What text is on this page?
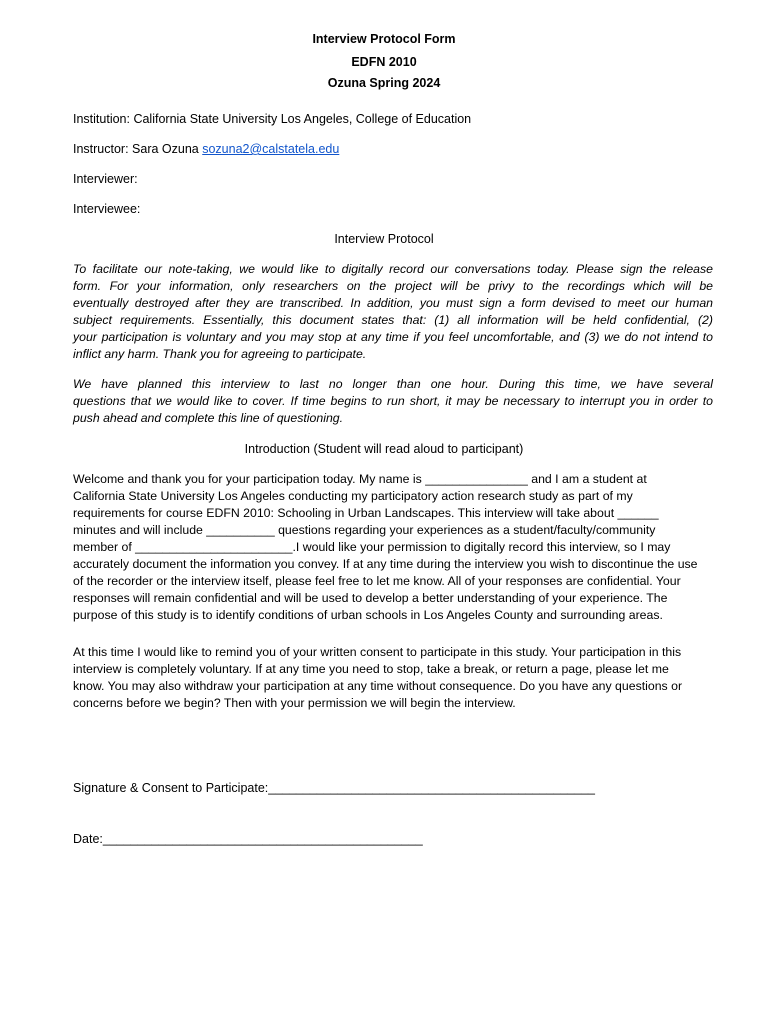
Interview Protocol Form
EDFN 2010
Ozuna Spring 2024
Institution: California State University Los Angeles, College of Education
Instructor: Sara Ozuna sozuna2@calstatela.edu
Interviewer:
Interviewee:
Interview Protocol
To facilitate our note-taking, we would like to digitally record our conversations today. Please sign the release
form. For your information, only researchers on the project will be privy to the recordings which will be
eventually destroyed after they are transcribed. In addition, you must sign a form devised to meet our human
subject requirements. Essentially, this document states that: (1) all information will be held confidential, (2)
your participation is voluntary and you may stop at any time if you feel uncomfortable, and (3) we do not intend to
inflict any harm. Thank you for agreeing to participate.
We have planned this interview to last no longer than one hour. During this time, we have several
questions that we would like to cover. If time begins to run short, it may be necessary to interrupt you in order to
push ahead and complete this line of questioning.
Introduction (Student will read aloud to participant)
Welcome and thank you for your participation today. My name is _______________ and I am a student at
California State University Los Angeles conducting my participatory action research study as part of my
requirements for course EDFN 2010: Schooling in Urban Landscapes. This interview will take about ______
minutes and will include __________ questions regarding your experiences as a student/faculty/community
member of _______________________.I would like your permission to digitally record this interview, so I may
accurately document the information you convey. If at any time during the interview you wish to discontinue the use
of the recorder or the interview itself, please feel free to let me know. All of your responses are confidential. Your
responses will remain confidential and will be used to develop a better understanding of your experience. The
purpose of this study is to identify conditions of urban schools in Los Angeles County and surrounding areas.
At this time I would like to remind you of your written consent to participate in this study. Your participation in this
interview is completely voluntary. If at any time you need to stop, take a break, or return a page, please let me
know. You may also withdraw your participation at any time without consequence. Do you have any questions or
concerns before we begin? Then with your permission we will begin the interview.
Signature & Consent to Participate:_______________________________________________
Date:______________________________________________
